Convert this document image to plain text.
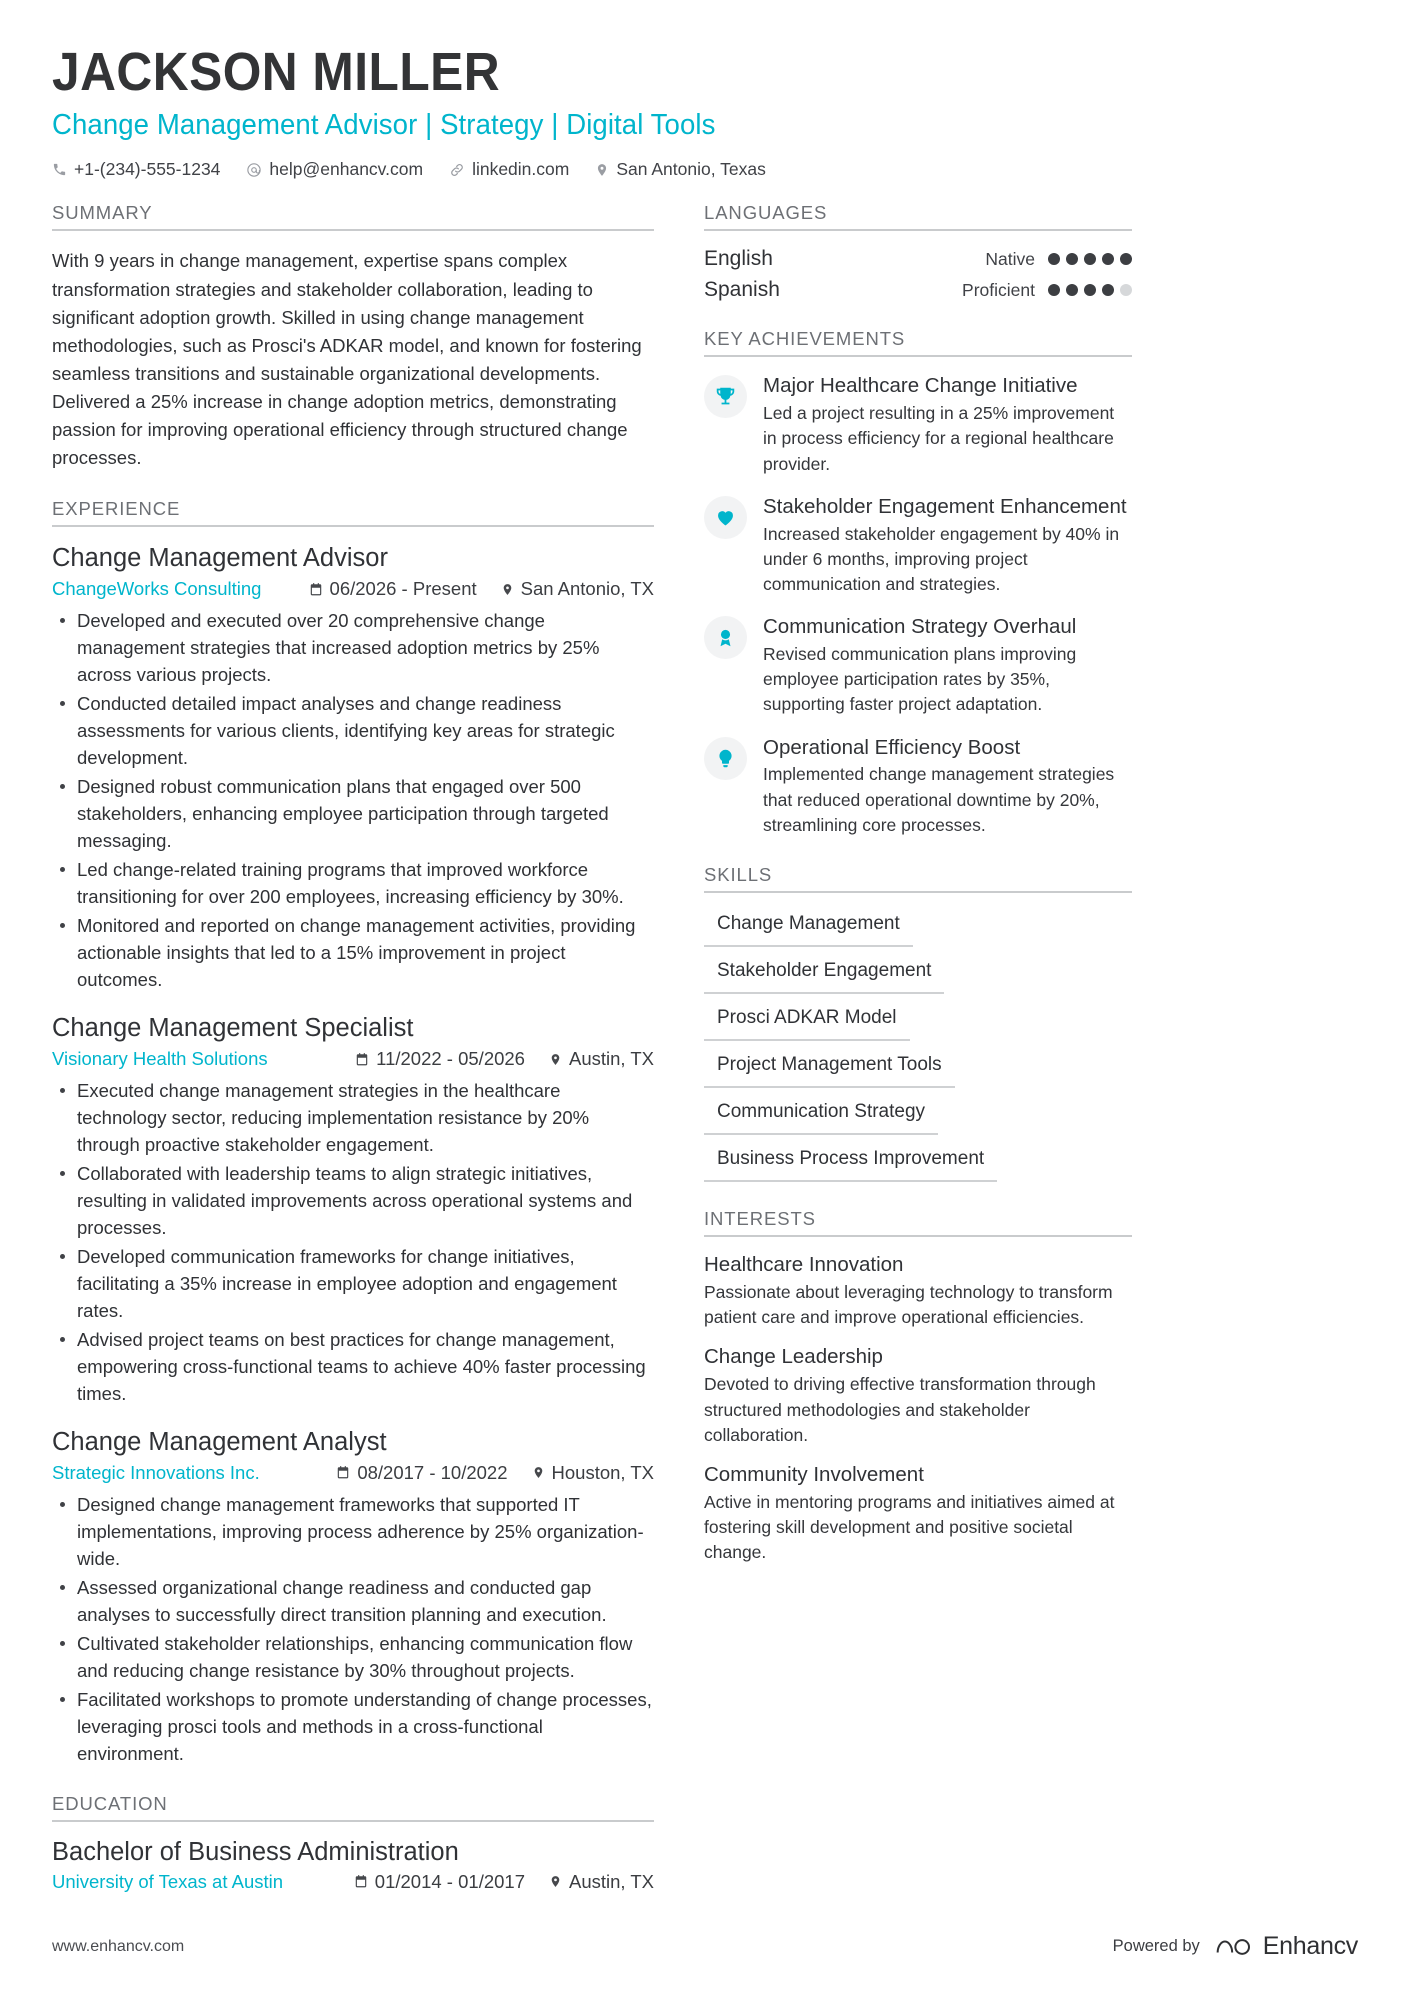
JACKSON MILLER
Change Management Advisor | Strategy | Digital Tools
+1-(234)-555-1234	help@enhancv.com	linkedin.com	San Antonio, Texas
SUMMARY
With 9 years in change management, expertise spans complex transformation strategies and stakeholder collaboration, leading to significant adoption growth. Skilled in using change management methodologies, such as Prosci's ADKAR model, and known for fostering seamless transitions and sustainable organizational developments. Delivered a 25% increase in change adoption metrics, demonstrating passion for improving operational efficiency through structured change processes.
EXPERIENCE
Change Management Advisor
ChangeWorks Consulting	06/2026 - Present San Antonio, TX
Developed and executed over 20 comprehensive change management strategies that increased adoption metrics by 25% across various projects.
Conducted detailed impact analyses and change readiness assessments for various clients, identifying key areas for strategic development.
Designed robust communication plans that engaged over 500 stakeholders, enhancing employee participation through targeted messaging.
Led change-related training programs that improved workforce transitioning for over 200 employees, increasing efficiency by 30%.
Monitored and reported on change management activities, providing actionable insights that led to a 15% improvement in project outcomes.
Change Management Specialist
Visionary Health Solutions	11/2022 - 05/2026 Austin, TX
Executed change management strategies in the healthcare technology sector, reducing implementation resistance by 20% through proactive stakeholder engagement.
Collaborated with leadership teams to align strategic initiatives, resulting in validated improvements across operational systems and processes.
Developed communication frameworks for change initiatives, facilitating a 35% increase in employee adoption and engagement rates.
Advised project teams on best practices for change management, empowering cross-functional teams to achieve 40% faster processing times.
Change Management Analyst
Strategic Innovations Inc.	08/2017 - 10/2022 Houston, TX
Designed change management frameworks that supported IT implementations, improving process adherence by 25% organization-wide.
Assessed organizational change readiness and conducted gap analyses to successfully direct transition planning and execution.
Cultivated stakeholder relationships, enhancing communication flow and reducing change resistance by 30% throughout projects.
Facilitated workshops to promote understanding of change processes, leveraging prosci tools and methods in a cross-functional environment.
EDUCATION
Bachelor of Business Administration
University of Texas at Austin	01/2014 - 01/2017 Austin, TX
LANGUAGES
English	Native
Spanish	Proficient
KEY ACHIEVEMENTS
Major Healthcare Change Initiative
Led a project resulting in a 25% improvement in process efficiency for a regional healthcare provider.
Stakeholder Engagement Enhancement
Increased stakeholder engagement by 40% in under 6 months, improving project communication and strategies.
Communication Strategy Overhaul
Revised communication plans improving employee participation rates by 35%, supporting faster project adaptation.
Operational Efficiency Boost
Implemented change management strategies that reduced operational downtime by 20%, streamlining core processes.
SKILLS
Change Management
Stakeholder Engagement
Prosci ADKAR Model
Project Management Tools
Communication Strategy
Business Process Improvement
INTERESTS
Healthcare Innovation
Passionate about leveraging technology to transform patient care and improve operational efficiencies.
Change Leadership
Devoted to driving effective transformation through structured methodologies and stakeholder collaboration.
Community Involvement
Active in mentoring programs and initiatives aimed at fostering skill development and positive societal change.
www.enhancv.com	Powered by	Enhancv
